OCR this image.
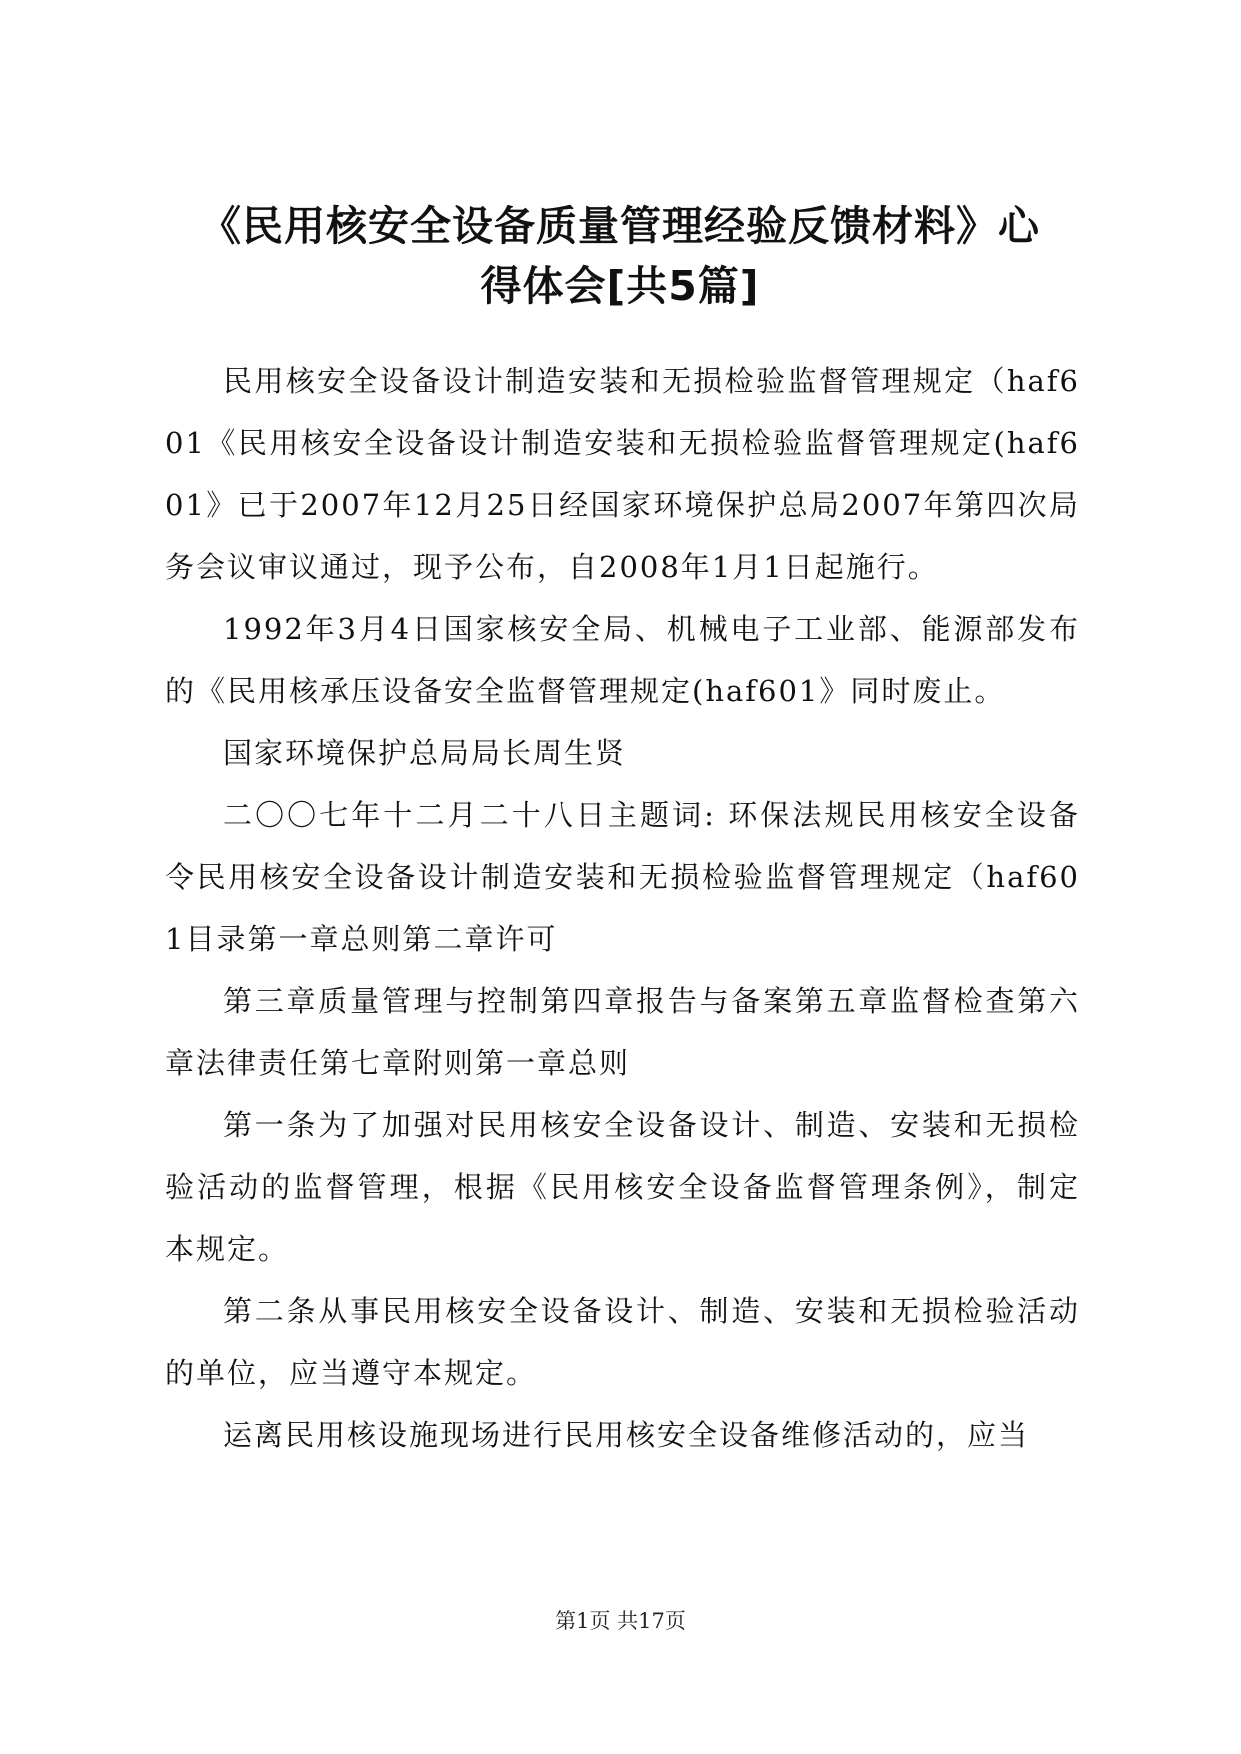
《民用核安全设备质量管理经验反馈材料》心
得体会[共5篇]

民用核安全设备设计制造安装和无损检验监督管理规定（haf601《民用核安全设备设计制造安装和无损检验监督管理规定(haf601》已于2007年12月25日经国家环境保护总局2007年第四次局务会议审议通过，现予公布，自2008年1月1日起施行。

1992年3月4日国家核安全局、机械电子工业部、能源部发布的《民用核承压设备安全监督管理规定(haf601》同时废止。

国家环境保护总局局长周生贤

二〇〇七年十二月二十八日主题词: 环保法规民用核安全设备令民用核安全设备设计制造安装和无损检验监督管理规定（haf601目录第一章总则第二章许可

第三章质量管理与控制第四章报告与备案第五章监督检查第六章法律责任第七章附则第一章总则

第一条为了加强对民用核安全设备设计、制造、安装和无损检验活动的监督管理，根据《民用核安全设备监督管理条例》，制定本规定。

第二条从事民用核安全设备设计、制造、安装和无损检验活动的单位，应当遵守本规定。

运离民用核设施现场进行民用核安全设备维修活动的，应当

第1页 共17页
